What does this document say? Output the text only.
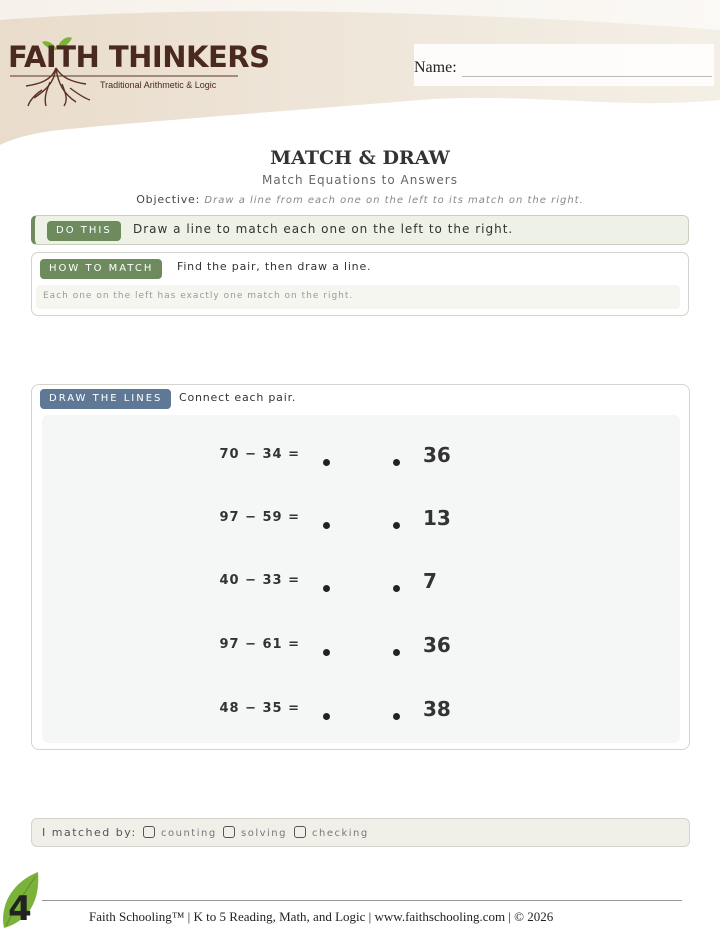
FAITH THINKERS
Traditional Arithmetic & Logic
Name:
MATCH & DRAW
Match Equations to Answers
Objective: Draw a line from each one on the left to its match on the right.
DO THIS	Draw a line to match each one on the left to the right.
HOW TO MATCH	Find the pair, then draw a line.
Each one on the left has exactly one match on the right.
DRAW THE LINES	Connect each pair.
70 − 34 =	36
97 − 59 =	13
40 − 33 =	7
97 − 61 =	36
48 − 35 =	38
I matched by:	counting	solving	checking
4	Faith Schooling™ | K to 5 Reading, Math, and Logic | www.faithschooling.com | © 2026
